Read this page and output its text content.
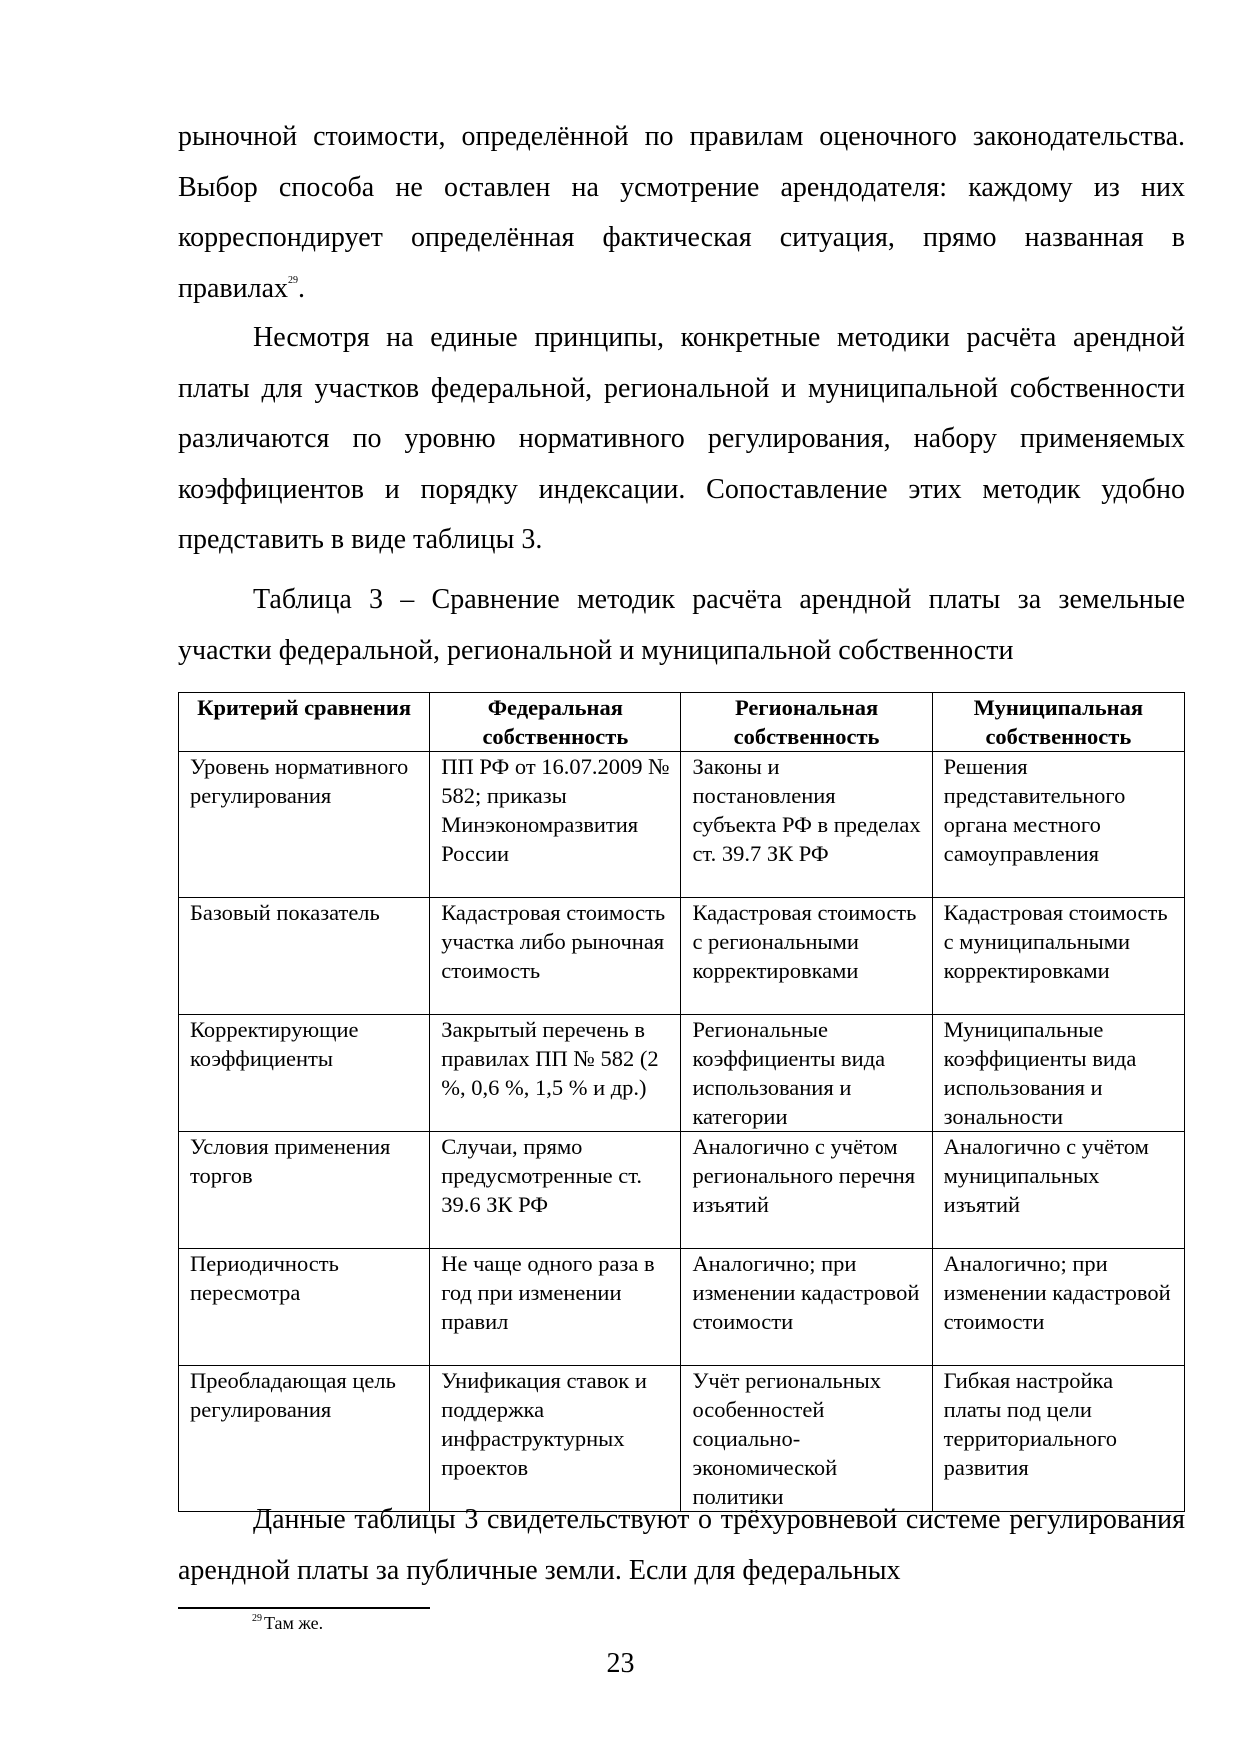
рыночной стоимости, определённой по правилам оценочного законодательства. Выбор способа не оставлен на усмотрение арендодателя: каждому из них корреспондирует определённая фактическая ситуация, прямо названная в правилах$^{29}$.

Несмотря на единые принципы, конкретные методики расчёта арендной платы для участков федеральной, региональной и муниципальной собственности различаются по уровню нормативного регулирования, набору применяемых коэффициентов и порядку индексации. Сопоставление этих методик удобно представить в виде таблицы 3.

Таблица 3 – Сравнение методик расчёта арендной платы за земельные участки федеральной, региональной и муниципальной собственности

Критерий сравнения	Федеральная собственность	Региональная собственность	Муниципальная собственность
Уровень нормативного регулирования	ПП РФ от 16.07.2009 № 582; приказы Минэкономразвития России	Законы и постановления субъекта РФ в пределах ст. 39.7 ЗК РФ	Решения представительного органа местного самоуправления
Базовый показатель	Кадастровая стоимость участка либо рыночная стоимость	Кадастровая стоимость с региональными корректировками	Кадастровая стоимость с муниципальными корректировками
Корректирующие коэффициенты	Закрытый перечень в правилах ПП № 582 (2 %, 0,6 %, 1,5 % и др.)	Региональные коэффициенты вида использования и категории	Муниципальные коэффициенты вида использования и зональности
Условия применения торгов	Случаи, прямо предусмотренные ст. 39.6 ЗК РФ	Аналогично с учётом регионального перечня изъятий	Аналогично с учётом муниципальных изъятий
Периодичность пересмотра	Не чаще одного раза в год при изменении правил	Аналогично; при изменении кадастровой стоимости	Аналогично; при изменении кадастровой стоимости
Преобладающая цель регулирования	Унификация ставок и поддержка инфраструктурных проектов	Учёт региональных особенностей социально-экономической политики	Гибкая настройка платы под цели территориального развития

Данные таблицы 3 свидетельствуют о трёхуровневой системе регулирования арендной платы за публичные земли. Если для федеральных

$^{29}$ Там же.

23
